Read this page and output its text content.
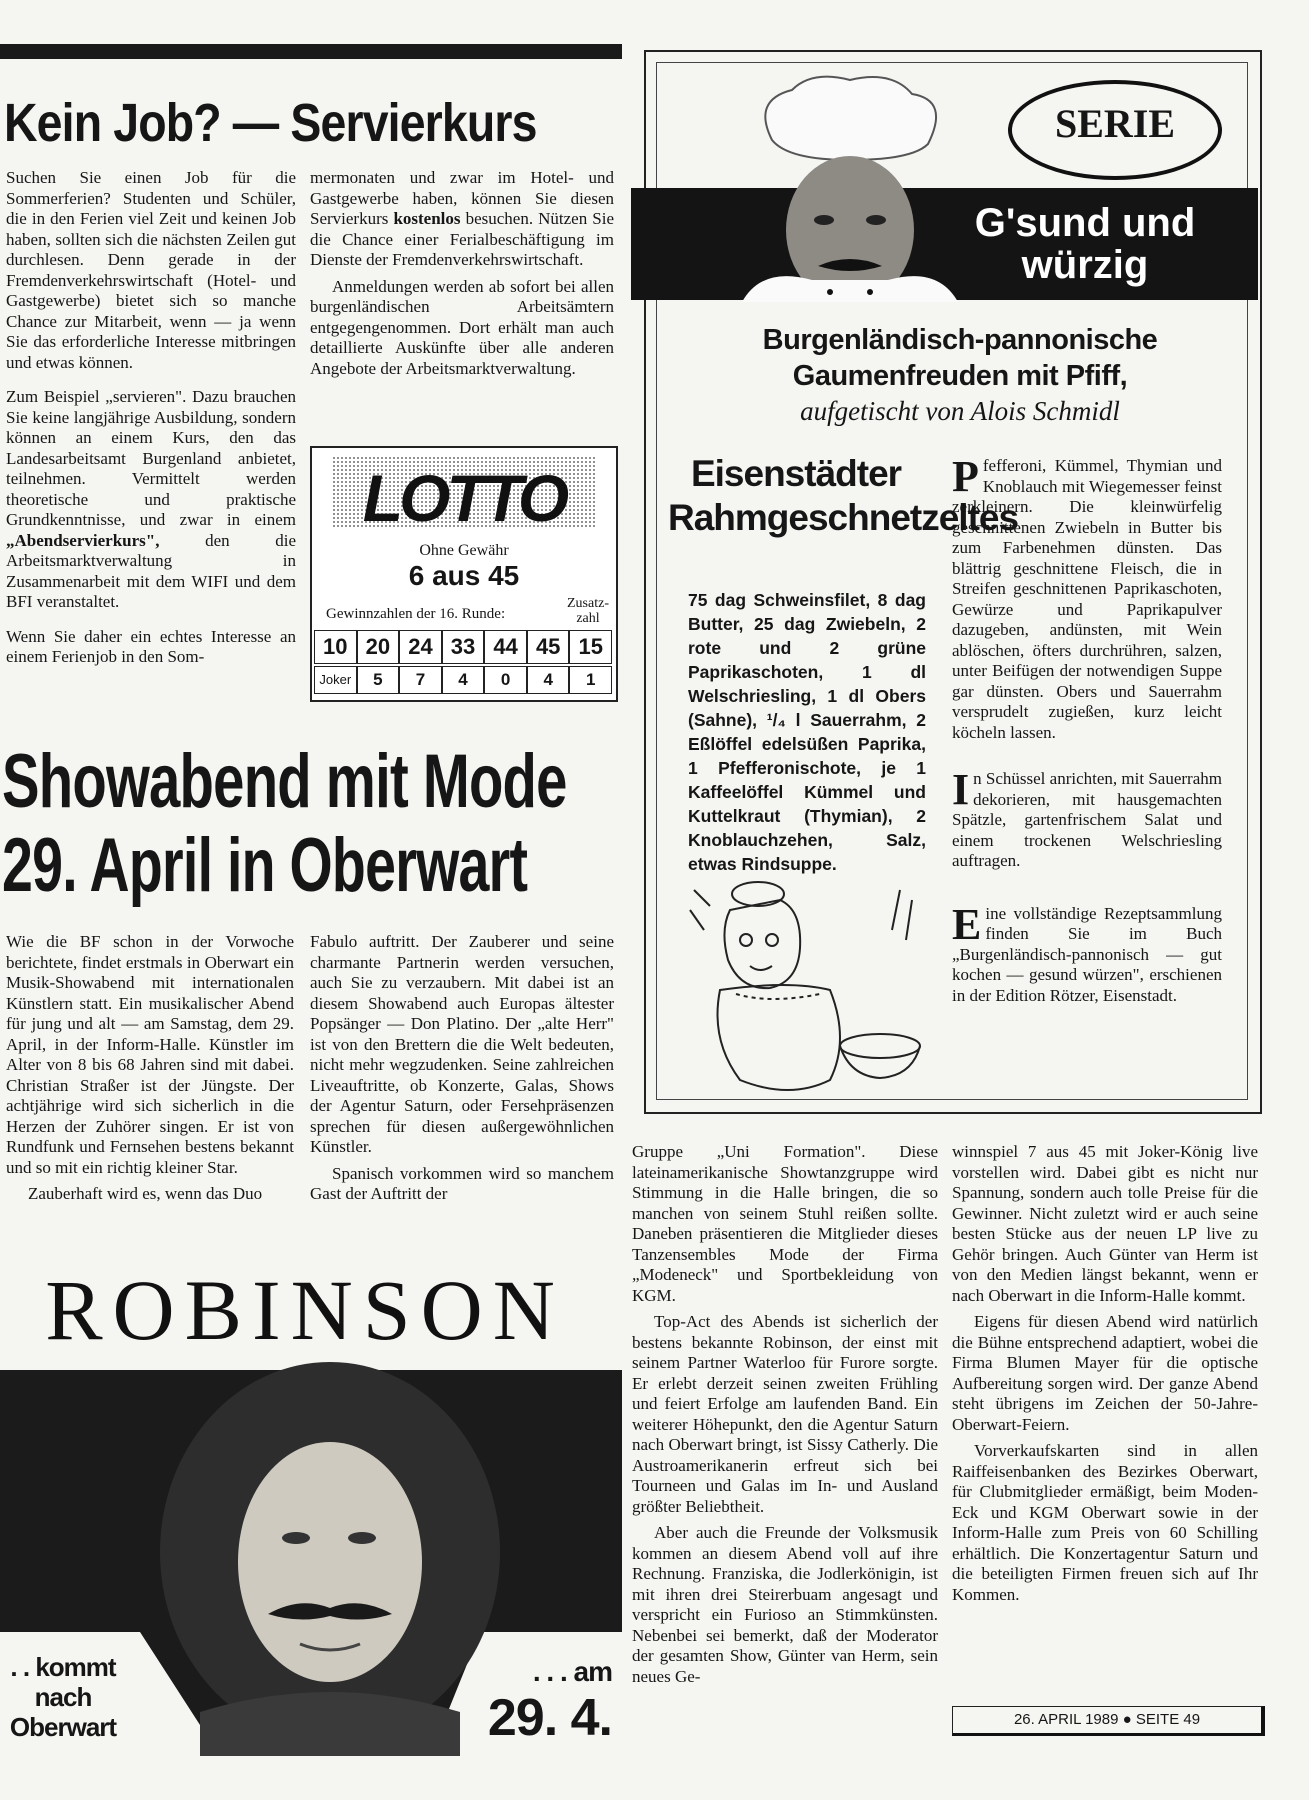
Kein Job? — Servierkurs

Suchen Sie einen Job für die Sommerferien? Studenten und Schüler, die in den Ferien viel Zeit und keinen Job haben, sollten sich die nächsten Zeilen gut durchlesen. Denn gerade in der Fremdenverkehrswirtschaft (Hotel- und Gastgewerbe) bietet sich so manche Chance zur Mitarbeit, wenn — ja wenn Sie das erforderliche Interesse mitbringen und etwas können.

Zum Beispiel „servieren". Dazu brauchen Sie keine langjährige Ausbildung, sondern können an einem Kurs, den das Landesarbeitsamt Burgenland anbietet, teilnehmen. Vermittelt werden theoretische und praktische Grundkenntnisse, und zwar in einem „Abendservierkurs",	den die Arbeitsmarktverwaltung in Zusammenarbeit mit dem WIFI und dem BFI veranstaltet.

Wenn Sie daher ein echtes Interesse an einem Ferienjob in den Som-

mermonaten und zwar im Hotel- und Gastgewerbe haben, können Sie diesen Servierkurs kostenlos besuchen. Nützen Sie die Chance einer Ferialbeschäftigung im Dienste der Fremdenverkehrswirtschaft.

Anmeldungen werden ab sofort bei allen burgenländischen Arbeitsämtern entgegengenommen. Dort erhält man auch detaillierte Auskünfte über alle anderen Angebote der Arbeitsmarktverwaltung.

LOTTO
Ohne Gewähr
6 aus 45
Gewinnzahlen der 16. Runde:
Zusatz-zahl
10 20 24 33 44 45 15
Joker	5	7	4	0	4	1
Showabend mit Mode
29. April in Oberwart

Wie die BF schon in der Vorwoche berichtete, findet erstmals in Oberwart ein Musik-Showabend mit internationalen Künstlern statt. Ein musikalischer Abend für jung und alt — am Samstag, dem 29. April, in der Inform-Halle. Künstler im Alter von 8 bis 68 Jahren sind mit dabei. Christian Straßer ist der Jüngste. Der achtjährige wird sich sicherlich in die Herzen der Zuhörer singen. Er ist von Rundfunk und Fernsehen bestens bekannt und so mit ein richtig kleiner Star.

Zauberhaft wird es, wenn das Duo

Fabulo auftritt. Der Zauberer und seine charmante Partnerin werden versuchen, auch Sie zu verzaubern. Mit dabei ist an diesem Showabend auch Europas ältester Popsänger — Don Platino. Der „alte Herr" ist von den Brettern die die Welt bedeuten, nicht mehr wegzudenken. Seine zahlreichen Liveauftritte, ob Konzerte, Galas, Shows der Agentur Saturn, oder Fersehpräsenzen sprechen für diesen außergewöhnlichen Künstler.

Spanisch vorkommen wird so manchem Gast der Auftritt der

Gruppe „Uni Formation". Diese lateinamerikanische Showtanzgruppe wird Stimmung in die Halle bringen, die so manchen von seinem Stuhl reißen sollte. Daneben präsentieren die Mitglieder dieses Tanzensembles Mode der Firma „Modeneck" und Sportbekleidung von KGM.

Top-Act des Abends ist sicherlich der bestens bekannte Robinson, der einst mit seinem Partner Waterloo für Furore sorgte. Er erlebt derzeit seinen zweiten Frühling und feiert Erfolge am laufenden Band. Ein weiterer Höhepunkt, den die Agentur Saturn nach Oberwart bringt, ist Sissy Catherly. Die Austroamerikanerin erfreut sich bei Tourneen und Galas im In- und Ausland größter Beliebtheit.

Aber auch die Freunde der Volksmusik kommen an diesem Abend voll auf ihre Rechnung. Franziska, die Jodlerkönigin, ist mit ihren drei Steirerbuam angesagt und verspricht ein Furioso an Stimmkünsten. Nebenbei sei bemerkt, daß der Moderator der gesamten Show, Günter van Herm, sein neues Ge-

winnspiel 7 aus 45 mit Joker-König live vorstellen wird. Dabei gibt es nicht nur Spannung, sondern auch tolle Preise für die Gewinner. Nicht zuletzt wird er auch seine besten Stücke aus der neuen LP live zu Gehör bringen. Auch Günter van Herm ist von den Medien längst bekannt, wenn er nach Oberwart in die Inform-Halle kommt.

Eigens für diesen Abend wird natürlich die Bühne entsprechend adaptiert, wobei die Firma Blumen Mayer für die optische Aufbereitung sorgen wird. Der ganze Abend steht übrigens im Zeichen der 50-Jahre-Oberwart-Feiern.

Vorverkaufskarten sind in allen Raiffeisenbanken des Bezirkes Oberwart, für Clubmitglieder ermäßigt, beim Moden-Eck und KGM Oberwart sowie in der Inform-Halle zum Preis von 60 Schilling erhältlich. Die Konzertagentur Saturn und die beteiligten Firmen freuen sich auf Ihr Kommen.

ROBINSON
. . kommt nach Oberwart
. . . am
29. 4.
SERIE
G'sund und würzig
Burgenländisch-pannonische Gaumenfreuden mit Pfiff,
aufgetischt von Alois Schmidl
Eisenstädter Rahmgeschnetzeltes
75 dag Schweinsfilet, 8 dag Butter, 25 dag Zwiebeln, 2 rote und 2 grüne Paprikaschoten, 1 dl Welschriesling, 1 dl Obers (Sahne), ¹/₄ l Sauerrahm, 2 Eßlöffel edelsüßen Paprika, 1 Pfefferonischote, je 1 Kaffeelöffel Kümmel und Kuttelkraut (Thymian), 2 Knoblauchzehen, Salz, etwas Rindsuppe.

Pfefferoni, Kümmel, Thymian und Knoblauch mit Wiegemesser feinst zerkleinern. Die kleinwürfelig geschnittenen Zwiebeln in Butter bis zum Farbenehmen dünsten. Das blättrig geschnittene Fleisch, die in Streifen geschnittenen Paprikaschoten, Gewürze und Paprikapulver dazugeben, andünsten, mit Wein ablöschen, öfters durchrühren, salzen, unter Beifügen der notwendigen Suppe gar dünsten. Obers und Sauerrahm versprudelt zugießen, kurz leicht köcheln lassen.

In Schüssel anrichten, mit Sauerrahm dekorieren, mit hausgemachten Spätzle, gartenfrischem Salat und einem trockenen Welschriesling auftragen.

Eine vollständige Rezeptsammlung finden Sie im Buch „Burgenländisch-pannonisch — gut kochen — gesund würzen", erschienen in der Edition Rötzer, Eisenstadt.

26. APRIL 1989 ● SEITE 49
